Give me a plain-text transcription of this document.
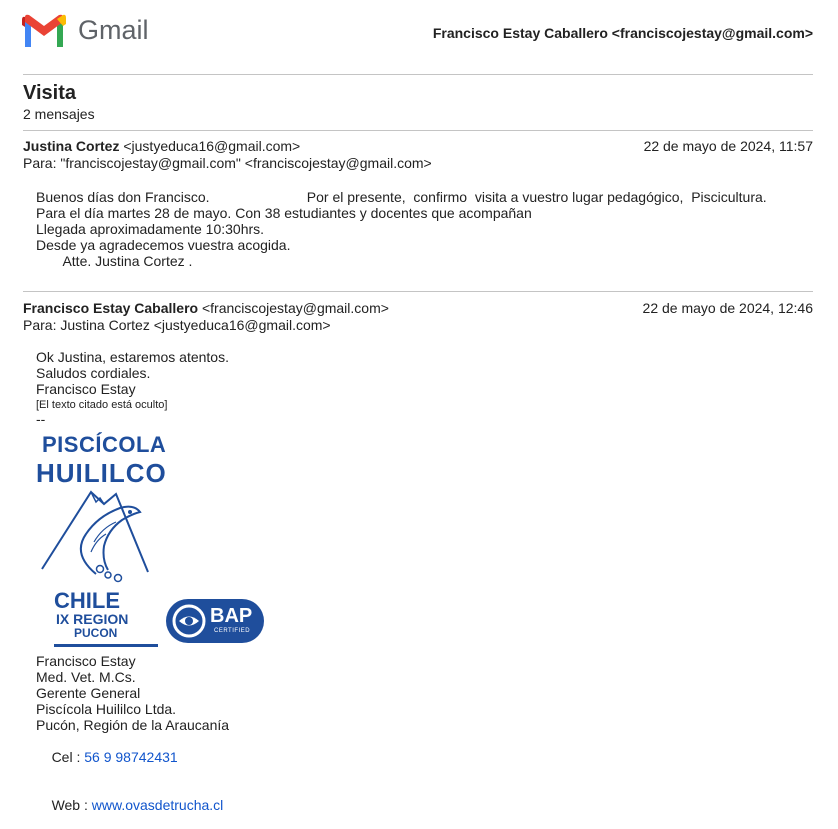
Gmail	Francisco Estay Caballero <franciscojestay@gmail.com>
Visita
2 mensajes
Justina Cortez <justyeduca16@gmail.com>	22 de mayo de 2024, 11:57
Para: "franciscojestay@gmail.com" <franciscojestay@gmail.com>
Buenos días don Francisco.                         Por el presente,  confirmo  visita a vuestro lugar pedagógico,  Piscicultura.
Para el día martes 28 de mayo. Con 38 estudiantes y docentes que acompañan
Llegada aproximadamente 10:30hrs.
Desde ya agradecemos vuestra acogida.
Atte. Justina Cortez .
Francisco Estay Caballero <franciscojestay@gmail.com>	22 de mayo de 2024, 12:46
Para: Justina Cortez <justyeduca16@gmail.com>
Ok Justina, estaremos atentos.
Saludos cordiales.
Francisco Estay
[El texto citado está oculto]
--
PISCÍCOLA
HUILILCO
CHILE
IX REGION
PUCON
BAP
CERTIFIED
Francisco Estay
Med. Vet. M.Cs.
Gerente General
Piscícola Huililco Ltda.
Pucón, Región de la Araucanía

Cel : 56 9 98742431

Web : www.ovasdetrucha.cl
